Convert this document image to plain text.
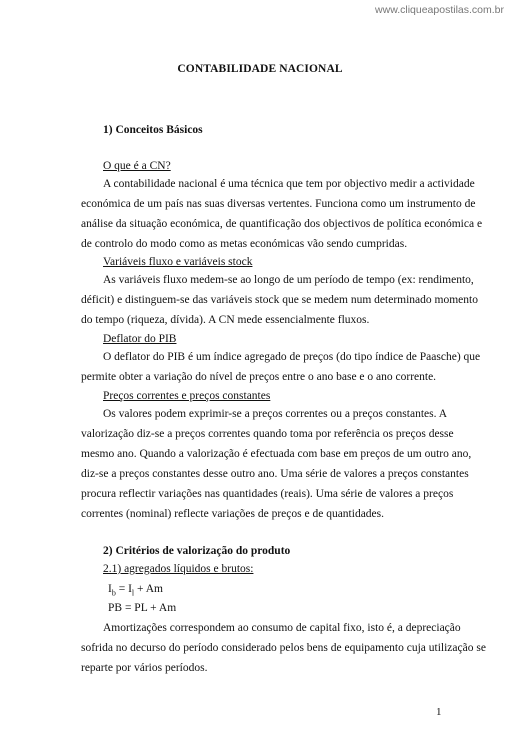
www.cliqueapostilas.com.br
CONTABILIDADE NACIONAL
1) Conceitos Básicos
O que é a CN?
A contabilidade nacional é uma técnica que tem por objectivo medir a actividade
económica de um país nas suas diversas vertentes. Funciona como um instrumento de
análise da situação económica, de quantificação dos objectivos de política económica e
de controlo do modo como as metas económicas vão sendo cumpridas.
Variáveis fluxo e variáveis stock
As variáveis fluxo medem-se ao longo de um período de tempo (ex: rendimento,
déficit) e distinguem-se das variáveis stock que se medem num determinado momento
do tempo (riqueza, dívida). A CN mede essencialmente fluxos.
Deflator do PIB
O deflator do PIB é um índice agregado de preços (do tipo índice de Paasche) que
permite obter a variação do nível de preços entre o ano base e o ano corrente.
Preços correntes e preços constantes
Os valores podem exprimir-se a preços correntes ou a preços constantes. A
valorização diz-se a preços correntes quando toma por referência os preços desse
mesmo ano. Quando a valorização é efectuada com base em preços de um outro ano,
diz-se a preços constantes desse outro ano. Uma série de valores a preços constantes
procura reflectir variações nas quantidades (reais). Uma série de valores a preços
correntes (nominal) reflecte variações de preços e de quantidades.
2) Critérios de valorização do produto
2.1) agregados líquidos e brutos:
$I_b = I_l + Am$
PB = PL + Am
Amortizações correspondem ao consumo de capital fixo, isto é, a depreciação
sofrida no decurso do período considerado pelos bens de equipamento cuja utilização se
reparte por vários períodos.
1
